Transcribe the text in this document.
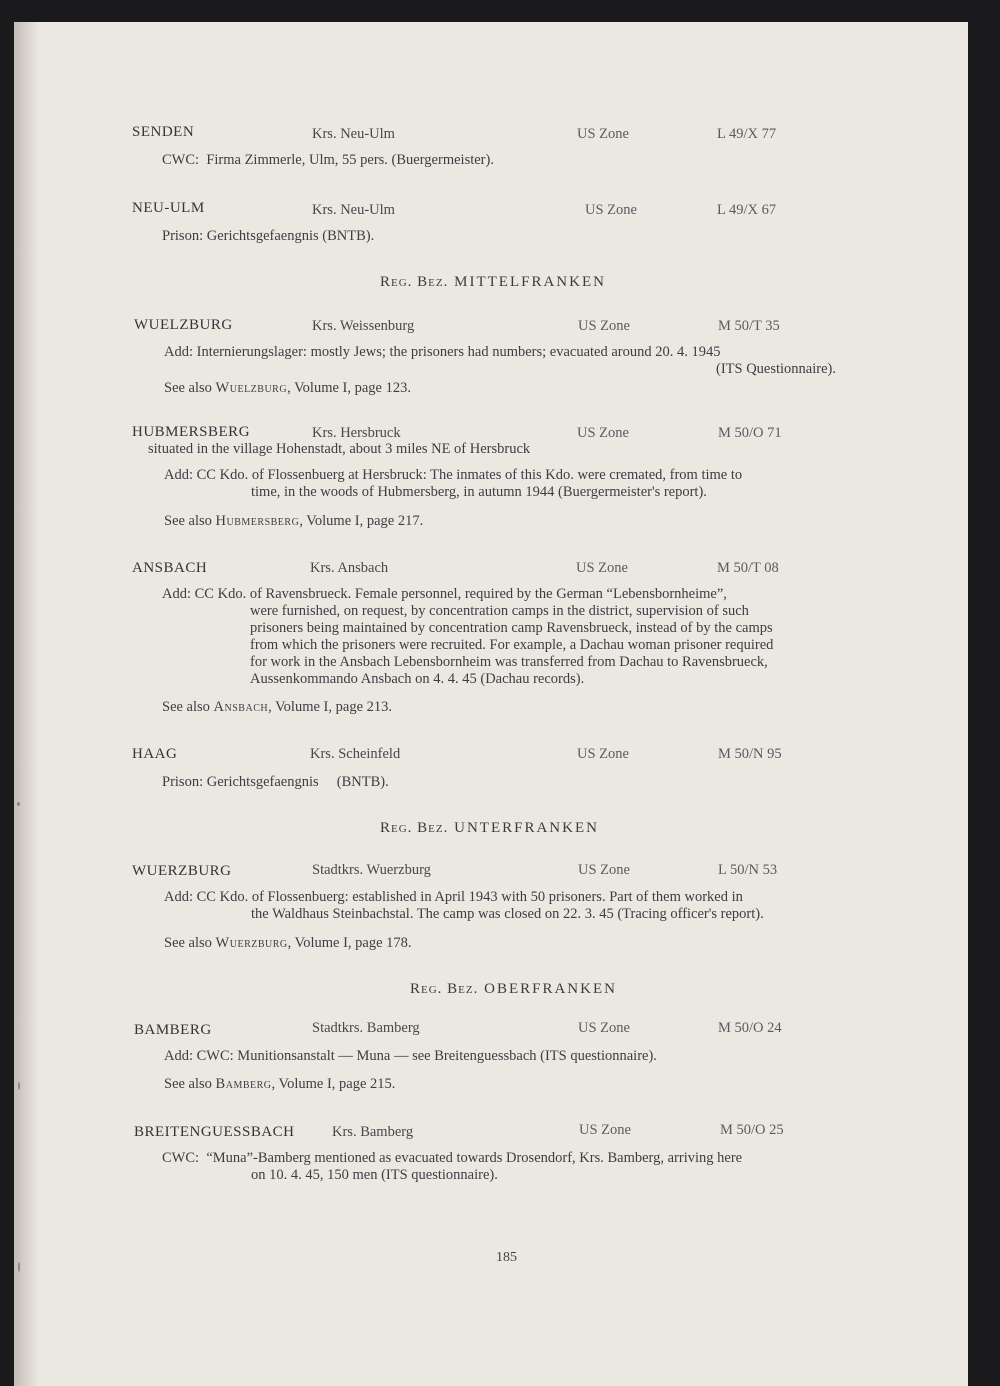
SENDEN	Krs. Neu-Ulm	US Zone	L 49/X 77
CWC: Firma Zimmerle, Ulm, 55 pers. (Buergermeister).
NEU-ULM	Krs. Neu-Ulm	US Zone	L 49/X 67
Prison: Gerichtsgefaengnis (BNTB).
Reg. Bez. MITTELFRANKEN
WUELZBURG	Krs. Weissenburg	US Zone	M 50/T 35
Add: Internierungslager: mostly Jews; the prisoners had numbers; evacuated around 20. 4. 1945
(ITS Questionnaire).
See also Wuelzburg, Volume I, page 123.
HUBMERSBERG	Krs. Hersbruck	US Zone	M 50/O 71
situated in the village Hohenstadt, about 3 miles NE of Hersbruck
Add: CC Kdo. of Flossenbuerg at Hersbruck: The inmates of this Kdo. were cremated, from time to
time, in the woods of Hubmersberg, in autumn 1944 (Buergermeister's report).
See also Hubmersberg, Volume I, page 217.
ANSBACH	Krs. Ansbach	US Zone	M 50/T 08
Add: CC Kdo. of Ravensbrueck. Female personnel, required by the German “Lebensbornheime”,
were furnished, on request, by concentration camps in the district, supervision of such
prisoners being maintained by concentration camp Ravensbrueck, instead of by the camps
from which the prisoners were recruited. For example, a Dachau woman prisoner required
for work in the Ansbach Lebensbornheim was transferred from Dachau to Ravensbrueck,
Aussenkommando Ansbach on 4. 4. 45 (Dachau records).
See also Ansbach, Volume I, page 213.
HAAG	Krs. Scheinfeld	US Zone	M 50/N 95
Prison: Gerichtsgefaengnis (BNTB).
Reg. Bez. UNTERFRANKEN
WUERZBURG	Stadtkrs. Wuerzburg	US Zone	L 50/N 53
Add: CC Kdo. of Flossenbuerg: established in April 1943 with 50 prisoners. Part of them worked in
the Waldhaus Steinbachstal. The camp was closed on 22. 3. 45 (Tracing officer's report).
See also Wuerzburg, Volume I, page 178.
Reg. Bez. OBERFRANKEN
BAMBERG	Stadtkrs. Bamberg	US Zone	M 50/O 24
Add: CWC: Munitionsanstalt — Muna — see Breitenguessbach (ITS questionnaire).
See also Bamberg, Volume I, page 215.
BREITENGUESSBACH	Krs. Bamberg	US Zone	M 50/O 25
CWC: “Muna”-Bamberg mentioned as evacuated towards Drosendorf, Krs. Bamberg, arriving here
on 10. 4. 45, 150 men (ITS questionnaire).
185
